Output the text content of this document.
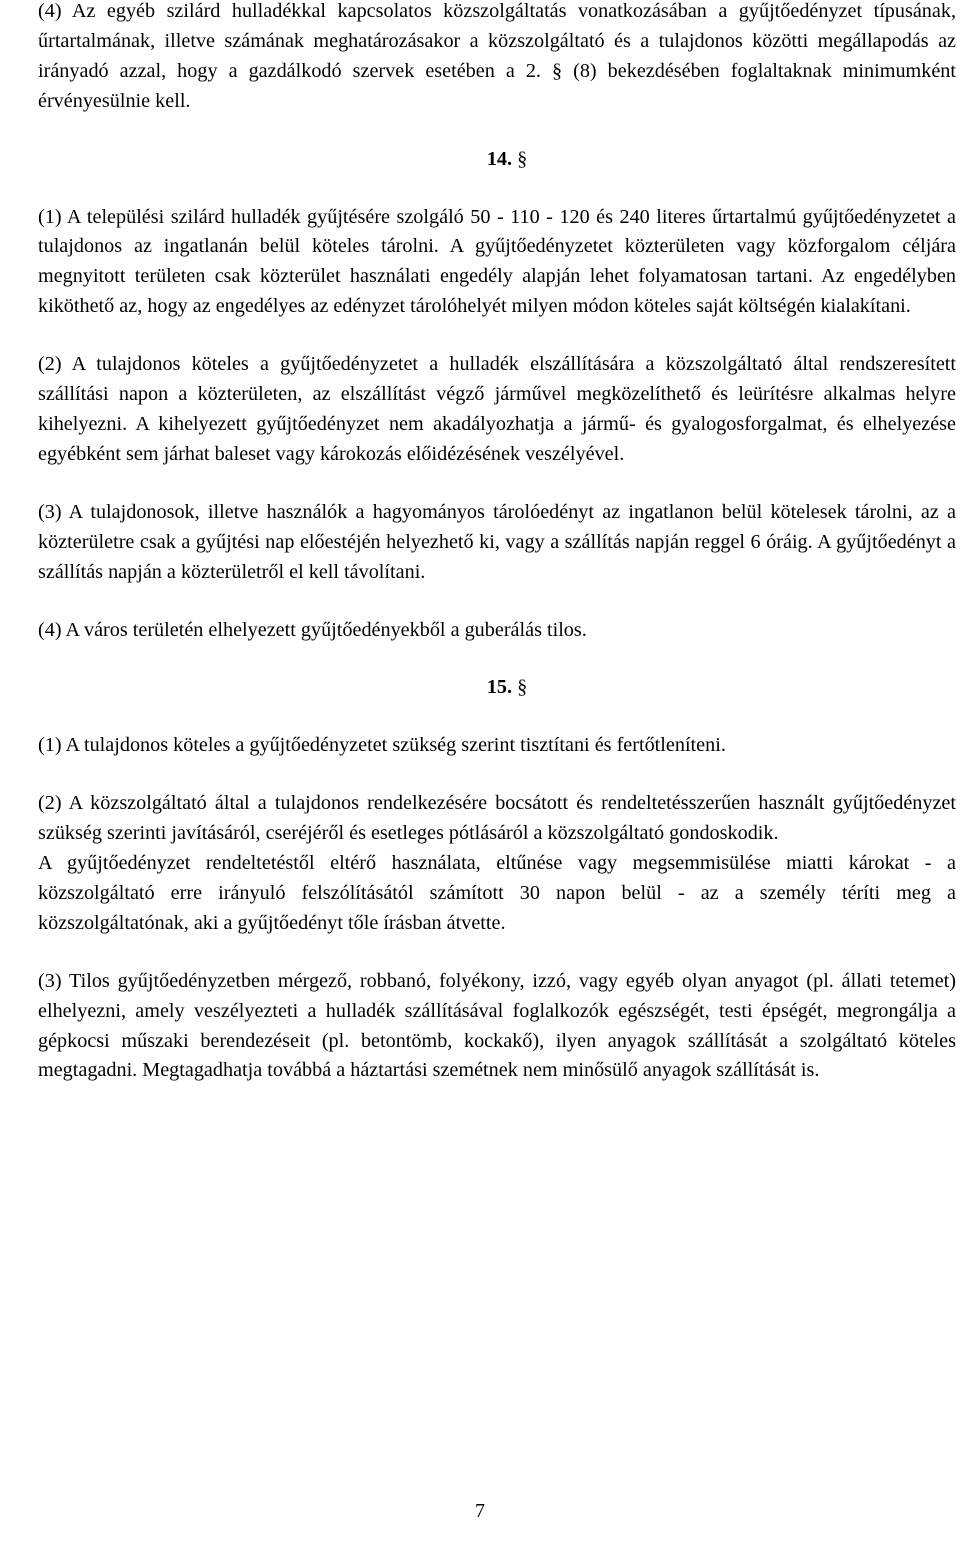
(4) Az egyéb szilárd hulladékkal kapcsolatos közszolgáltatás vonatkozásában a gyűjtőedényzet típusának, űrtartalmának, illetve számának meghatározásakor a közszolgáltató és a tulajdonos közötti megállapodás az irányadó azzal, hogy a gazdálkodó szervek esetében a 2. § (8) bekezdésében foglaltaknak minimumként érvényesülnie kell.

14. §

(1) A települési szilárd hulladék gyűjtésére szolgáló 50 - 110 - 120 és 240 literes űrtartalmú gyűjtőedényzetet a tulajdonos az ingatlanán belül köteles tárolni. A gyűjtőedényzetet közterületen vagy közforgalom céljára megnyitott területen csak közterület használati engedély alapján lehet folyamatosan tartani. Az engedélyben kiköthető az, hogy az engedélyes az edényzet tárolóhelyét milyen módon köteles saját költségén kialakítani.

(2) A tulajdonos köteles a gyűjtőedényzetet a hulladék elszállítására a közszolgáltató által rendszeresített szállítási napon a közterületen, az elszállítást végző járművel megközelíthető és leürítésre alkalmas helyre kihelyezni. A kihelyezett gyűjtőedényzet nem akadályozhatja a jármű- és gyalogosforgalmat, és elhelyezése egyébként sem járhat baleset vagy károkozás előidézésének veszélyével.

(3) A tulajdonosok, illetve használók a hagyományos tárolóedényt az ingatlanon belül kötelesek tárolni, az a közterületre csak a gyűjtési nap előestéjén helyezhető ki, vagy a szállítás napján reggel 6 óráig. A gyűjtőedényt a szállítás napján a közterületről el kell távolítani.

(4) A város területén elhelyezett gyűjtőedényekből a guberálás tilos.

15. §

(1) A tulajdonos köteles a gyűjtőedényzetet szükség szerint tisztítani és fertőtleníteni.

(2) A közszolgáltató által a tulajdonos rendelkezésére bocsátott és rendeltetésszerűen használt gyűjtőedényzet szükség szerinti javításáról, cseréjéről és esetleges pótlásáról a közszolgáltató gondoskodik.

A gyűjtőedényzet rendeltetéstől eltérő használata, eltűnése vagy megsemmisülése miatti károkat - a közszolgáltató erre irányuló felszólításától számított 30 napon belül - az a személy téríti meg a közszolgáltatónak, aki a gyűjtőedényt tőle írásban átvette.

(3) Tilos gyűjtőedényzetben mérgező, robbanó, folyékony, izzó, vagy egyéb olyan anyagot (pl. állati tetemet) elhelyezni, amely veszélyezteti a hulladék szállításával foglalkozók egészségét, testi épségét, megrongálja a gépkocsi műszaki berendezéseit (pl. betontömb, kockakő), ilyen anyagok szállítását a szolgáltató köteles megtagadni. Megtagadhatja továbbá a háztartási szemétnek nem minősülő anyagok szállítását is.

7
